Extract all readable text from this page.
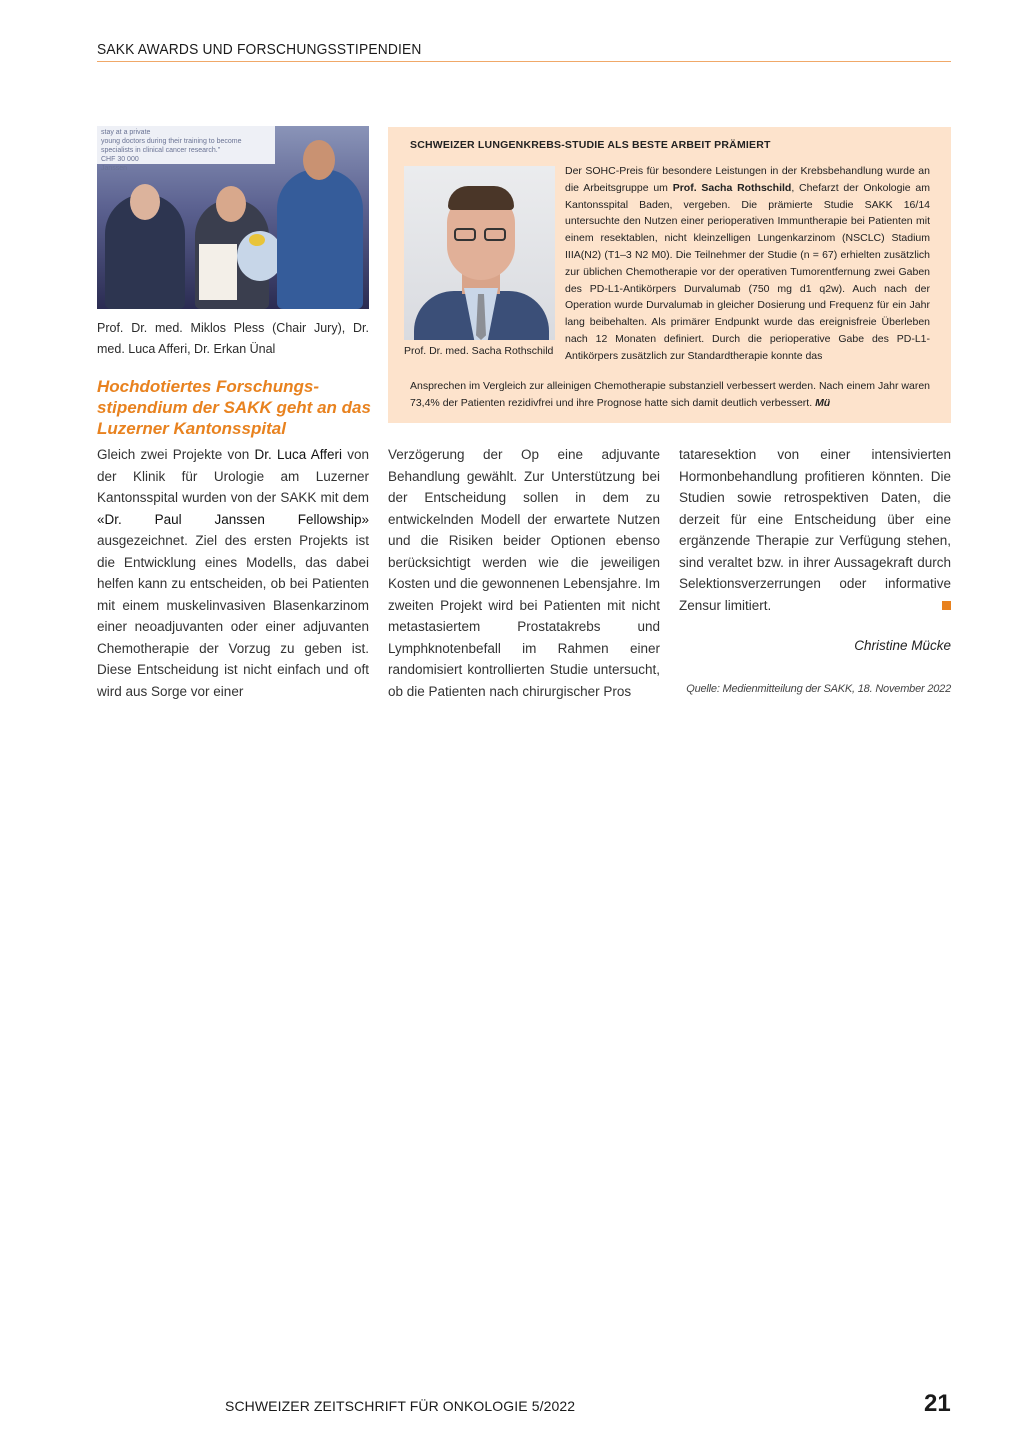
SAKK AWARDS UND FORSCHUNGSSTIPENDIEN
stay at a private
young doctors during their training to become
specialists in clinical cancer research.”
CHF 30 000
Janssen
Prof. Dr. med. Miklos Pless (Chair Jury), Dr. med. Luca Afferi, Dr. Erkan Ünal
Hochdotiertes Forschungsstipendium der SAKK geht an das Luzerner Kantonsspital

Gleich zwei Projekte von Dr. Luca Afferi von der Klinik für Urologie am Luzerner Kantonsspital wurden von der SAKK mit dem «Dr. Paul Janssen Fellowship» ausgezeichnet. Ziel des ersten Projekts ist die Entwicklung eines Modells, das dabei helfen kann zu entscheiden, ob bei Patienten mit einem muskelinvasiven Blasenkarzinom einer neoadjuvanten oder einer adjuvanten Chemotherapie der Vorzug zu geben ist. Diese Entscheidung ist nicht einfach und oft wird aus Sorge vor einer

Verzögerung der Op eine adjuvante Behandlung gewählt. Zur Unterstützung bei der Entscheidung sollen in dem zu entwickelnden Modell der erwartete Nutzen und die Risiken beider Optionen ebenso berücksichtigt werden wie die jeweiligen Kosten und die gewonnenen Lebensjahre. Im zweiten Projekt wird bei Patienten mit nicht metastasiertem Prostatakrebs und Lymphknotenbefall im Rahmen einer randomisiert kontrollierten Studie untersucht, ob die Patienten nach chirurgischer Pros

tataresektion von einer intensivierten Hormonbehandlung profitieren könnten. Die Studien sowie retrospektiven Daten, die derzeit für eine Entscheidung über eine ergänzende Therapie zur Verfügung stehen, sind veraltet bzw. in ihrer Aussagekraft durch Selektionsverzerrungen oder informative Zensur limitiert.

Christine Mücke
Quelle: Medienmitteilung der SAKK, 18. November 2022
SCHWEIZER LUNGENKREBS-STUDIE ALS BESTE ARBEIT PRÄMIERT
Prof. Dr. med. Sacha Rothschild

Der SOHC-Preis für besondere Leistungen in der Krebsbehandlung wurde an die Arbeitsgruppe um Prof. Sacha Rothschild, Chefarzt der Onkologie am Kantonsspital Baden, vergeben. Die prämierte Studie SAKK 16/14 untersuchte den Nutzen einer perioperativen Immuntherapie bei Patienten mit einem resektablen, nicht kleinzelligen Lungenkarzinom (NSCLC) Stadium IIIA(N2) (T1–3 N2 M0). Die Teilnehmer der Studie (n = 67) erhielten zusätzlich zur üblichen Chemotherapie vor der operativen Tumorentfernung zwei Gaben des PD-L1-Antikörpers Durvalumab (750 mg d1 q2w). Auch nach der Operation wurde Durvalumab in gleicher Dosierung und Frequenz für ein Jahr lang beibehalten. Als primärer Endpunkt wurde das ereignisfreie Überleben nach 12 Monaten definiert. Durch die perioperative Gabe des PD-L1-Antikörpers zusätzlich zur Standardtherapie konnte das

Ansprechen im Vergleich zur alleinigen Chemotherapie substanziell verbessert werden. Nach einem Jahr waren 73,4% der Patienten rezidivfrei und ihre Prognose hatte sich damit deutlich verbessert. Mü

SCHWEIZER ZEITSCHRIFT FÜR ONKOLOGIE 5/2022	21
